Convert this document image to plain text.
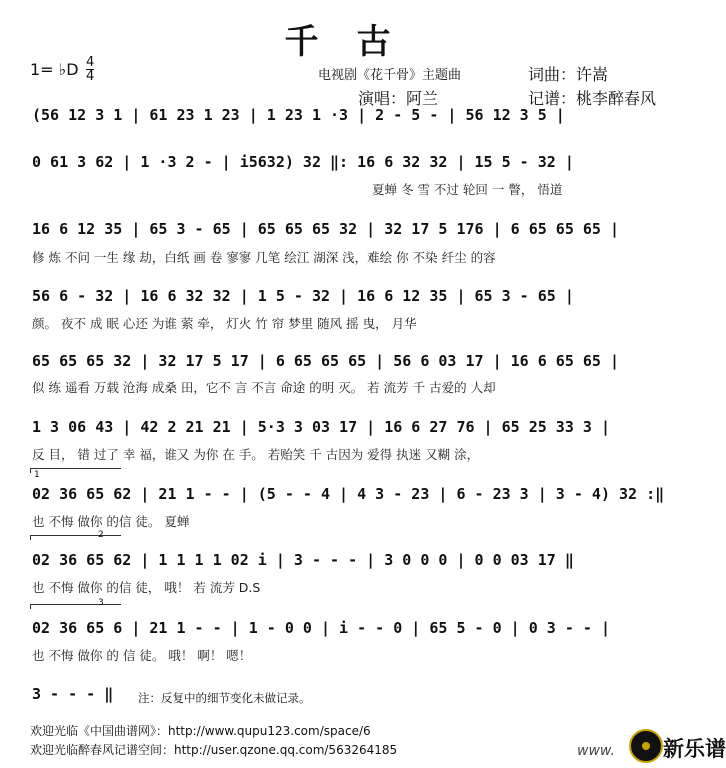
千古
1= ♭D 4
4	电视剧《花千骨》主题曲	词曲：许嵩
演唱：阿兰	记谱：桃李醉春风
(56 12 3 1 | 61 23 1 23 | 1 23 1 ·3 | 2 - 5 - | 56 12 3 5 |
0 61 3 62 | 1 ·3 2 - | i5632) 32 ‖: 16 6 32 32 | 15 5 - 32 |
夏蝉 冬 雪 不过 轮回 一 瞥， 悟道
16 6 12 35 | 65 3 - 65 | 65 65 65 32 | 32 17 5 176 | 6 65 65 65 |
修 炼 不问 一生 缘 劫，白纸 画 卷 寥寥 几笔 绘江 湖深 浅，难绘 你 不染 纤尘 的容
56 6 - 32 | 16 6 32 32 | 1 5 - 32 | 16 6 12 35 | 65 3 - 65 |
颜。 夜不 成 眠 心还 为谁 萦 牵， 灯火 竹 帘 梦里 随风 摇 曳， 月华
65 65 65 32 | 32 17 5 17 | 6 65 65 65 | 56 6 03 17 | 16 6 65 65 |
似 练 遥看 万载 沧海 成桑 田，它不 言 不言 命途 的明 灭。 若 流芳 千 古爱的 人却
1 3 06 43 | 42 2 21 21 | 5·3 3 03 17 | 16 6 27 76 | 65 25 33 3 |
反 目， 错 过了 幸 福，谁又 为你 在 手。 若贻笑 千 古因为 爱得 执迷 又糊 涂，
1
02 36 65 62 | 21 1 - - | (5 - - 4 | 4 3 - 23 | 6 - 23 3 | 3 - 4) 32 :‖
也 不悔 做你 的信 徒。 夏蝉
2
02 36 65 62 | 1 1 1 1 02 i | 3 - - - | 3 0 0 0 | 0 0 03 17 ‖
也 不悔 做你 的信 徒， 哦！ 若 流芳 D.S
3
02 36 65 6 | 21 1 - - | 1 - 0 0 | i - - 0 | 65 5 - 0 | 0 3 - - |
也 不悔 做你 的 信 徒。 哦！ 啊！ 嗯！
3 - - - ‖ 注：反复中的细节变化未做记录。
欢迎光临《中国曲谱网》：http://www.qupu123.com/space/6
欢迎光临醉春风记谱空间：http://user.qzone.qq.com/563264185	www. 新乐谱
